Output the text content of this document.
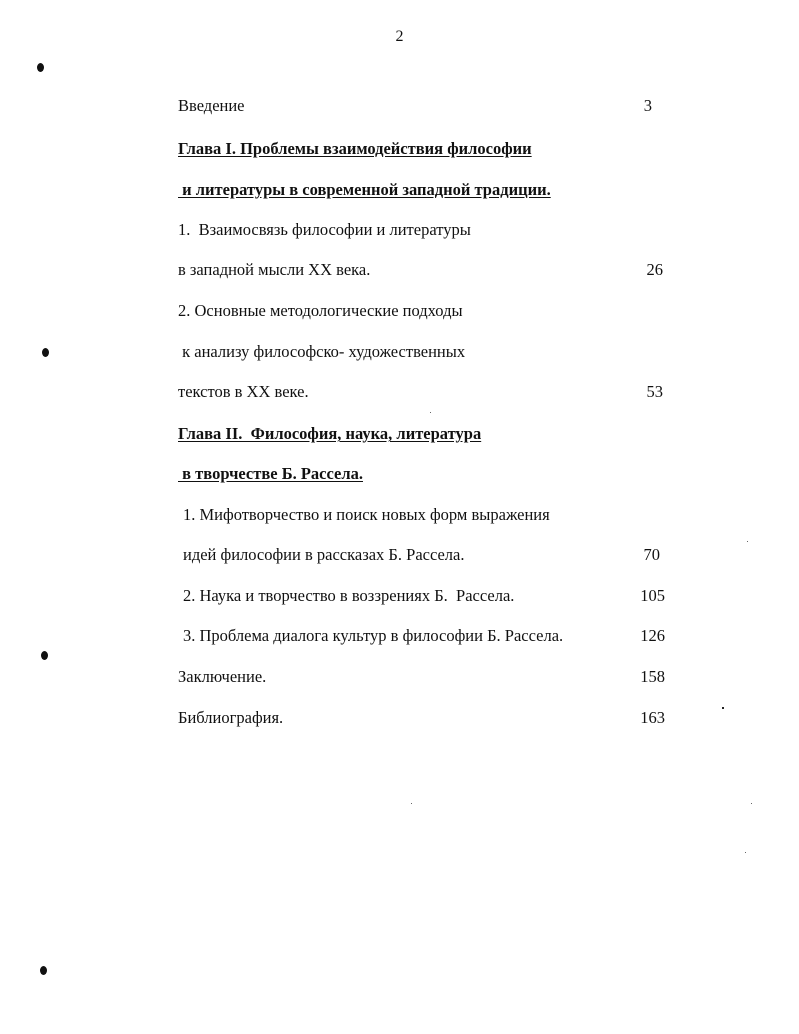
2
Введение	3
Глава I. Проблемы взаимодействия философии
и литературы в современной западной традиции.
1.  Взаимосвязь философии и литературы
в западной мысли XX века.	26
2. Основные методологические подходы
к анализу философско- художественных
текстов в XX веке.	53
Глава II.  Философия, наука, литература
в творчестве Б. Рассела.
1. Мифотворчество и поиск новых форм выражения
идей философии в рассказах Б. Рассела.	70
2. Наука и творчество в воззрениях Б.  Рассела.	105
3. Проблема диалога культур в философии Б. Рассела.	126
Заключение.	158
Библиография.	163
